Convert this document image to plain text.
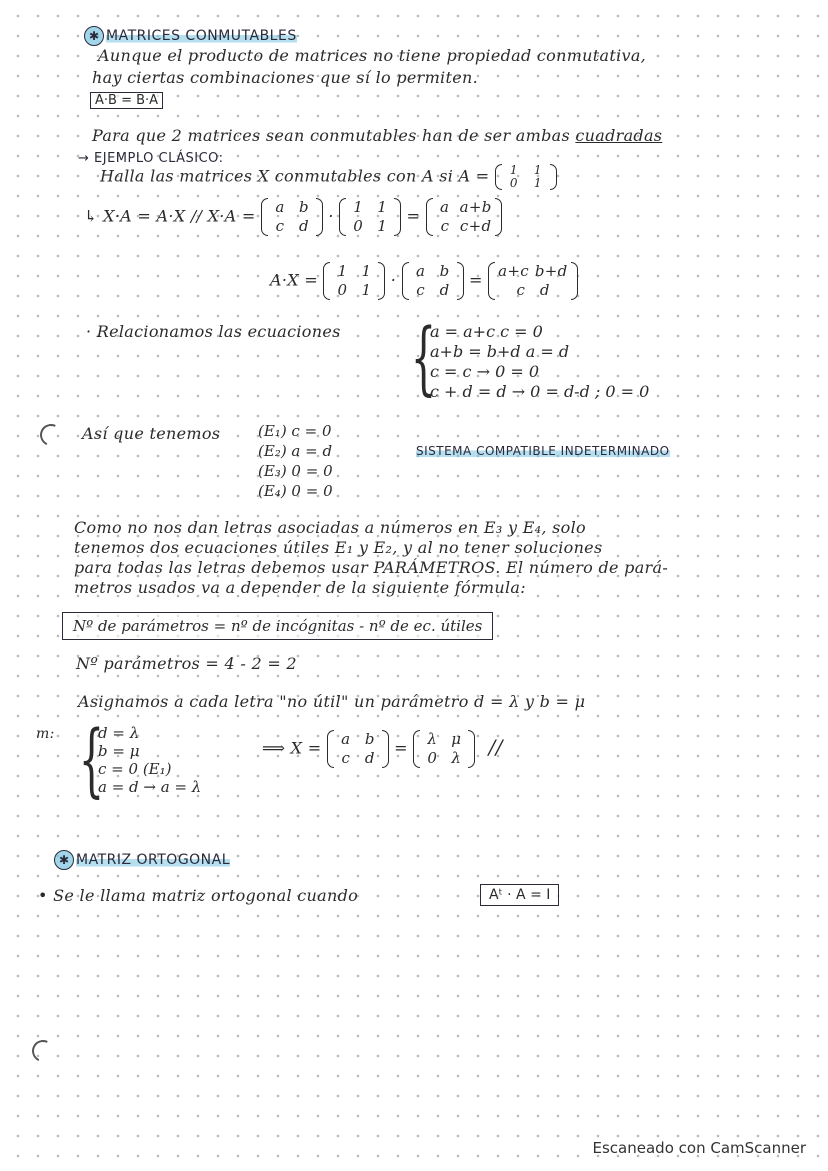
✱ MATRICES CONMUTABLES
Aunque el producto de matrices no tiene propiedad conmutativa,
hay ciertas combinaciones que sí lo permiten.
A·B = B·A
Para que 2 matrices sean conmutables han de ser ambas cuadradas
→ EJEMPLO CLÁSICO:
Halla las matrices X conmutables con A si A =	1 1
0 1
↳ X·A = A·X // X·A =	a b
c d
· 1 1
0 1
= a a+b
c c+d
A·X =	1 1
0 1
· a b
c d
= a+c b+d
c d
· Relacionamos las ecuaciones {
a = a+c c = 0
a+b = b+d a = d
c = c → 0 = 0
c + d = d → 0 = d-d ; 0 = 0
Así que tenemos	(E₁) c = 0
(E₂) a = d
(E₃) 0 = 0
(E₄) 0 = 0
SISTEMA COMPATIBLE INDETERMINADO
Como no nos dan letras asociadas a números en E₃ y E₄, solo
tenemos dos ecuaciones útiles E₁ y E₂, y al no tener soluciones
para todas las letras debemos usar PARÁMETROS. El número de pará-
metros usados va a depender de la siguiente fórmula:
Nº de parámetros = nº de incógnitas - nº de ec. útiles
Nº parámetros = 4 - 2 = 2
Asignamos a cada letra "no útil" un parámetro d = λ y b = μ
m: {
d = λ
b = μ
c = 0 (E₁)
a = d → a = λ
⟹ X =	a b
c d
= λ μ
0 λ	//
✱ MATRIZ ORTOGONAL
• Se le llama matriz ortogonal cuando	Aᵗ · A = I
Escaneado con CamScanner
